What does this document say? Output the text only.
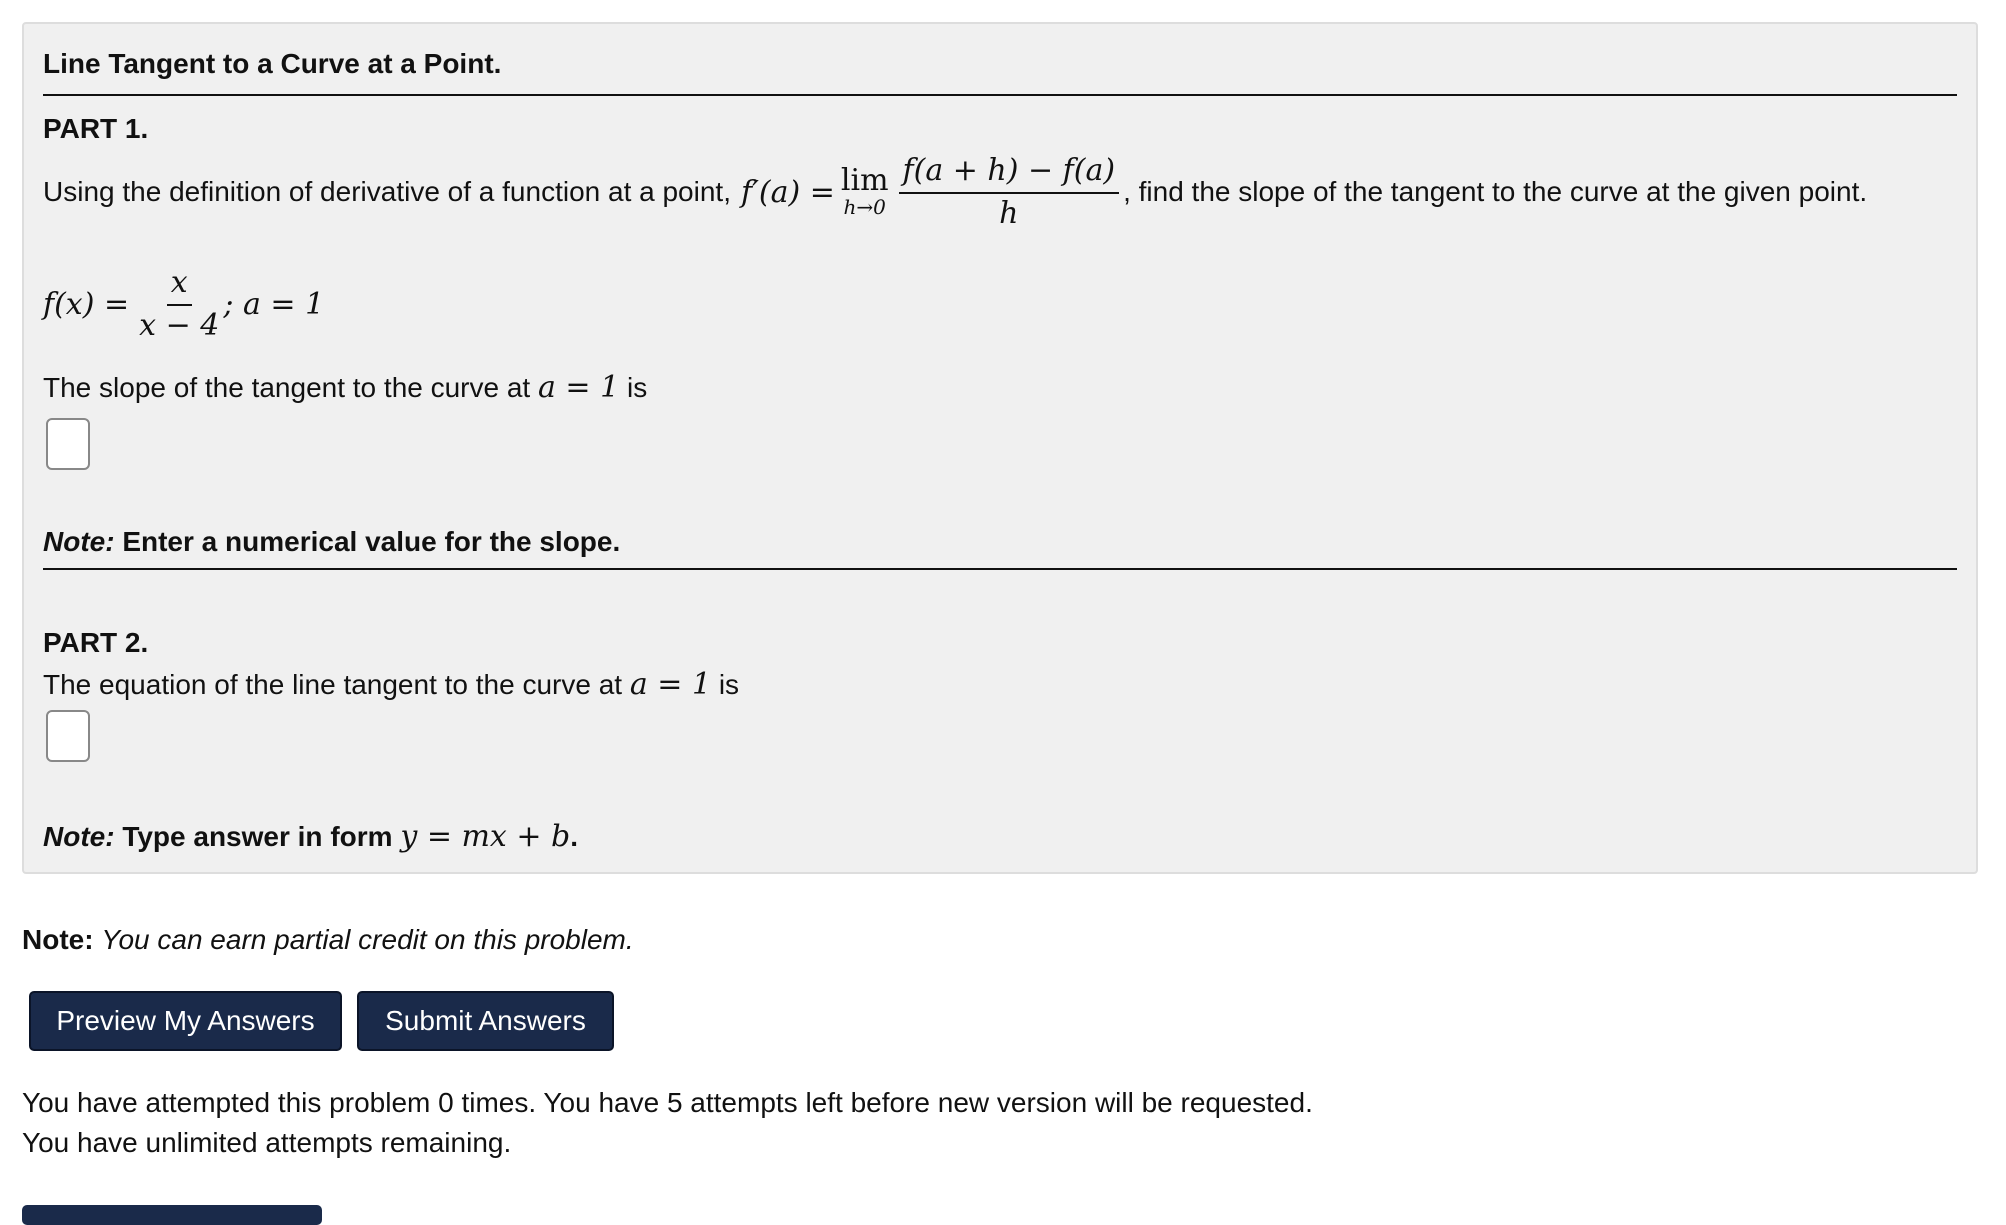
Line Tangent to a Curve at a Point.
PART 1.
Using the definition of derivative of a function at a point, f′(a) = lim
$h\to 0 \frac{f(a + h) - f(a)}{h}$ , find the slope of the tangent to the curve at the given point.
$f(x) = \frac{x}{x - 4}$ ; a = 1
The slope of the tangent to the curve at a = 1 is
Note: Enter a numerical value for the slope.
PART 2.
The equation of the line tangent to the curve at a = 1 is
Note: Type answer in form y = mx + b.
Note: You can earn partial credit on this problem.
Preview My Answers	Submit Answers
You have attempted this problem 0 times. You have 5 attempts left before new version will be requested.
You have unlimited attempts remaining.
